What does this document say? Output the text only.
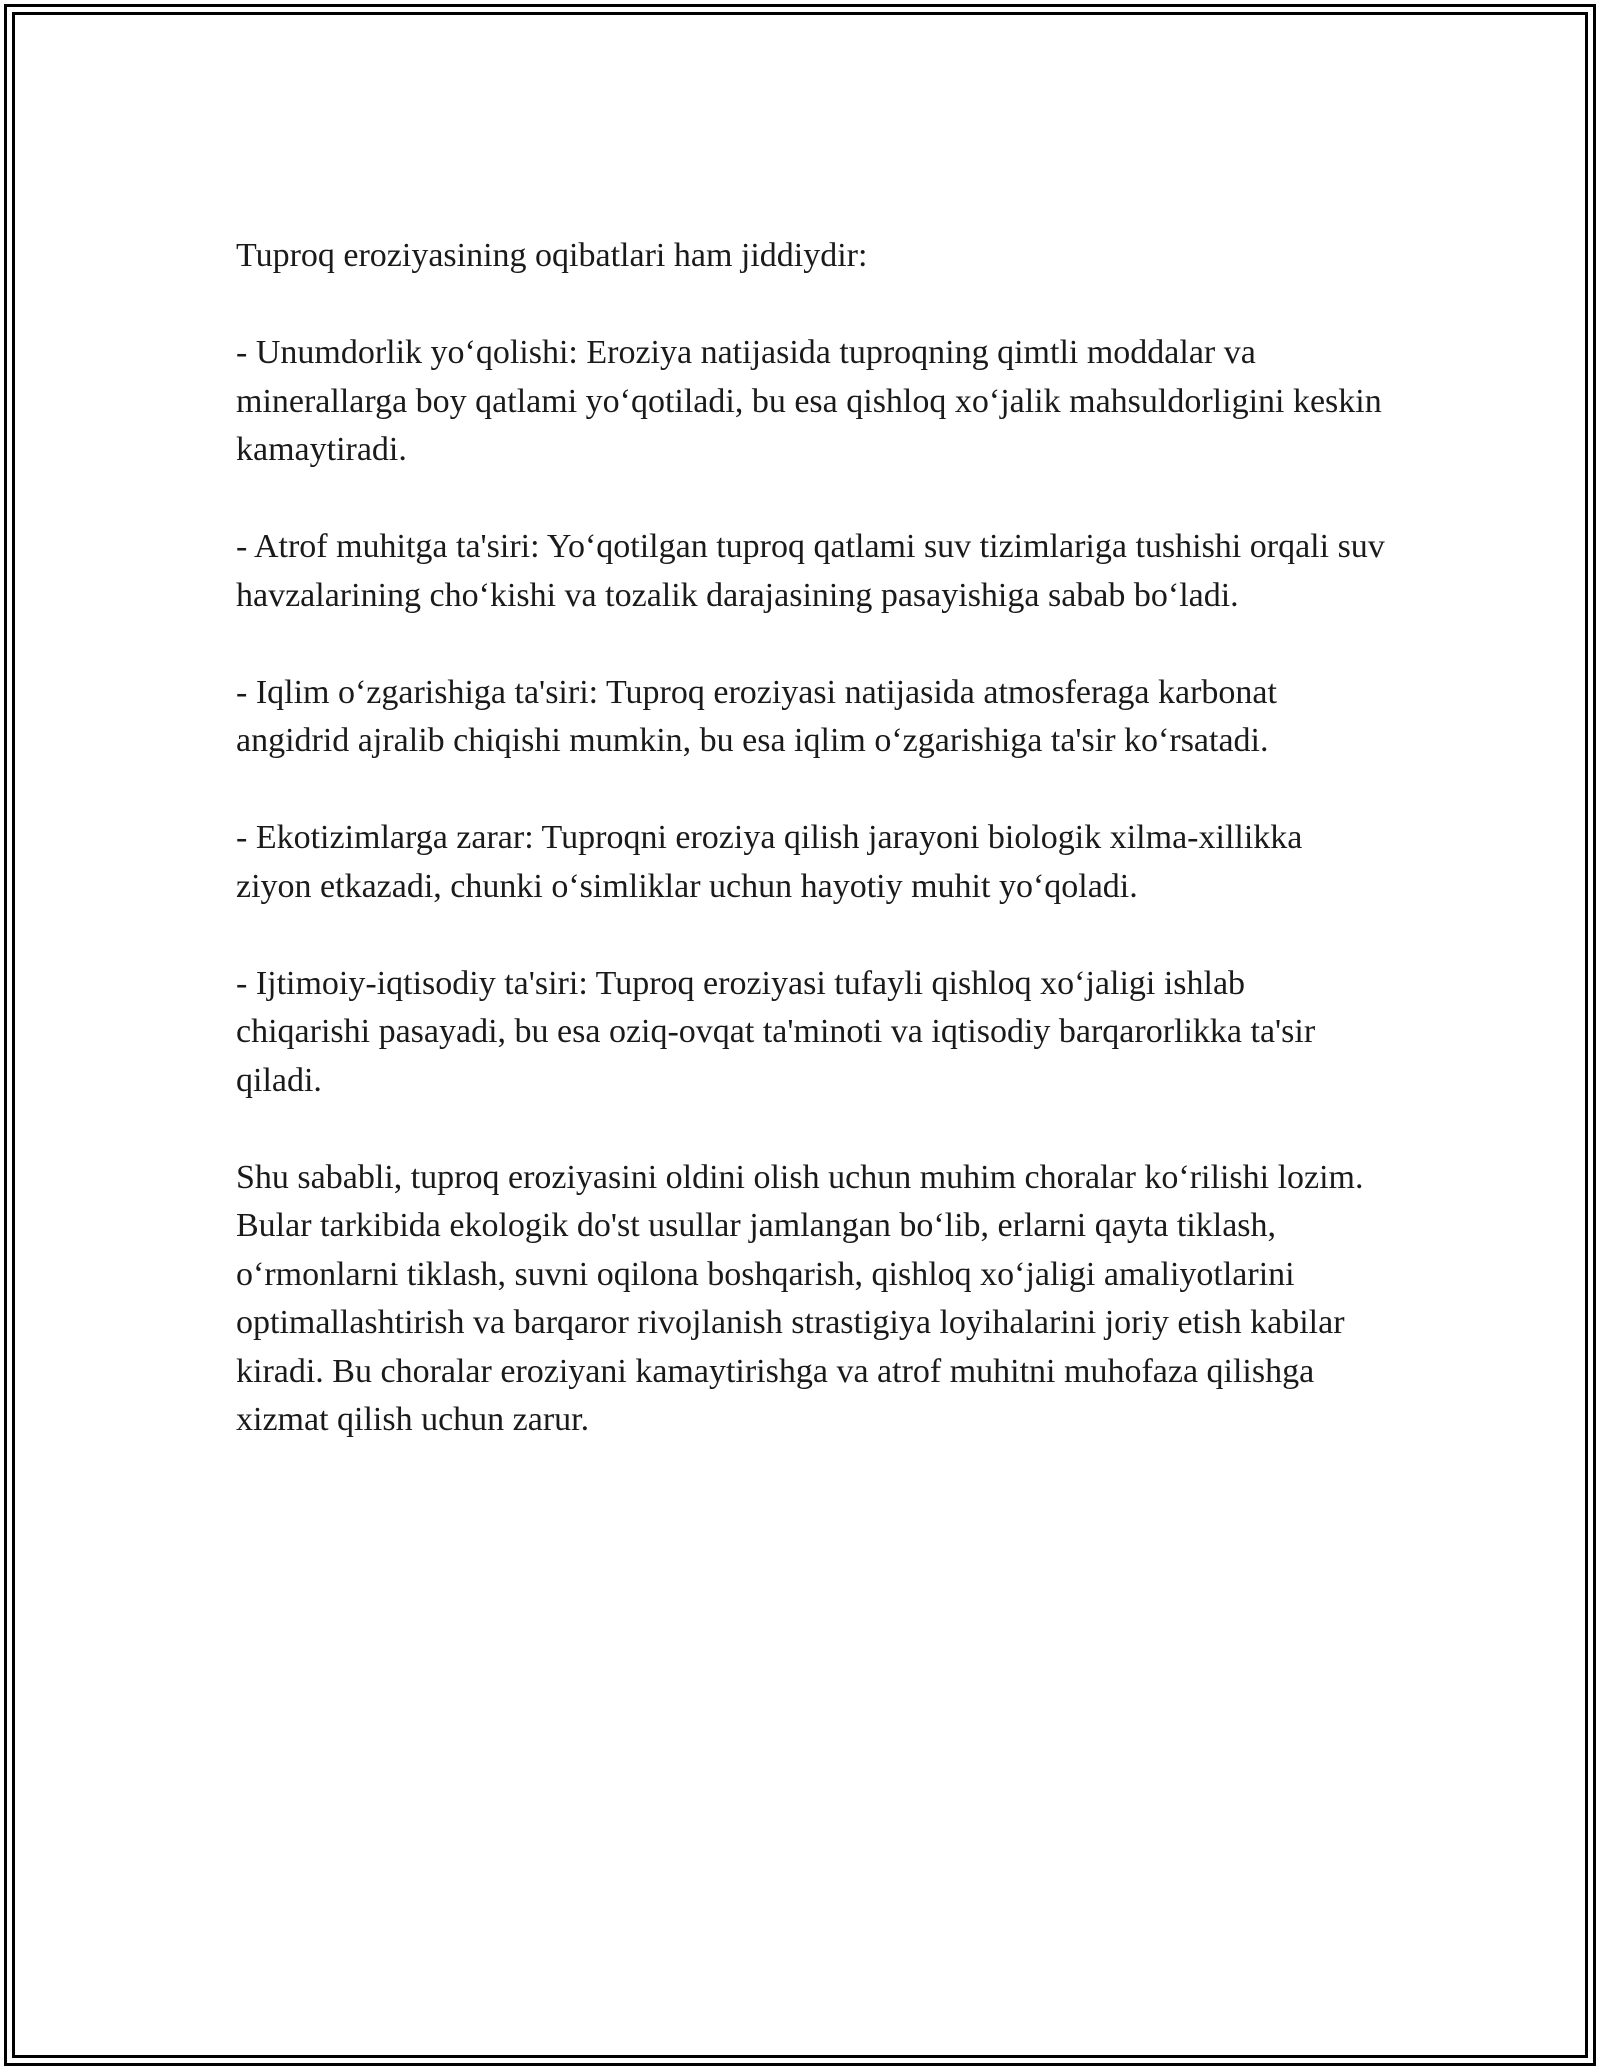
Tuproq eroziyasining oqibatlari ham jiddiydir:

- Unumdorlik yo‘qolishi: Eroziya natijasida tuproqning qimtli moddalar va minerallarga boy qatlami yo‘qotiladi, bu esa qishloq xo‘jalik mahsuldorligini keskin kamaytiradi.

- Atrof muhitga ta'siri: Yo‘qotilgan tuproq qatlami suv tizimlariga tushishi orqali suv havzalarining cho‘kishi va tozalik darajasining pasayishiga sabab bo‘ladi.

- Iqlim o‘zgarishiga ta'siri: Tuproq eroziyasi natijasida atmosferaga karbonat angidrid ajralib chiqishi mumkin, bu esa iqlim o‘zgarishiga ta'sir ko‘rsatadi.

- Ekotizimlarga zarar: Tuproqni eroziya qilish jarayoni biologik xilma-xillikka ziyon etkazadi, chunki o‘simliklar uchun hayotiy muhit yo‘qoladi.

- Ijtimoiy-iqtisodiy ta'siri: Tuproq eroziyasi tufayli qishloq xo‘jaligi ishlab chiqarishi pasayadi, bu esa oziq-ovqat ta'minoti va iqtisodiy barqarorlikka ta'sir qiladi.

Shu sababli, tuproq eroziyasini oldini olish uchun muhim choralar ko‘rilishi lozim. Bular tarkibida ekologik do'st usullar jamlangan bo‘lib, erlarni qayta tiklash, o‘rmonlarni tiklash, suvni oqilona boshqarish, qishloq xo‘jaligi amaliyotlarini optimallashtirish va barqaror rivojlanish strastigiya loyihalarini joriy etish kabilar kiradi. Bu choralar eroziyani kamaytirishga va atrof muhitni muhofaza qilishga xizmat qilish uchun zarur.
